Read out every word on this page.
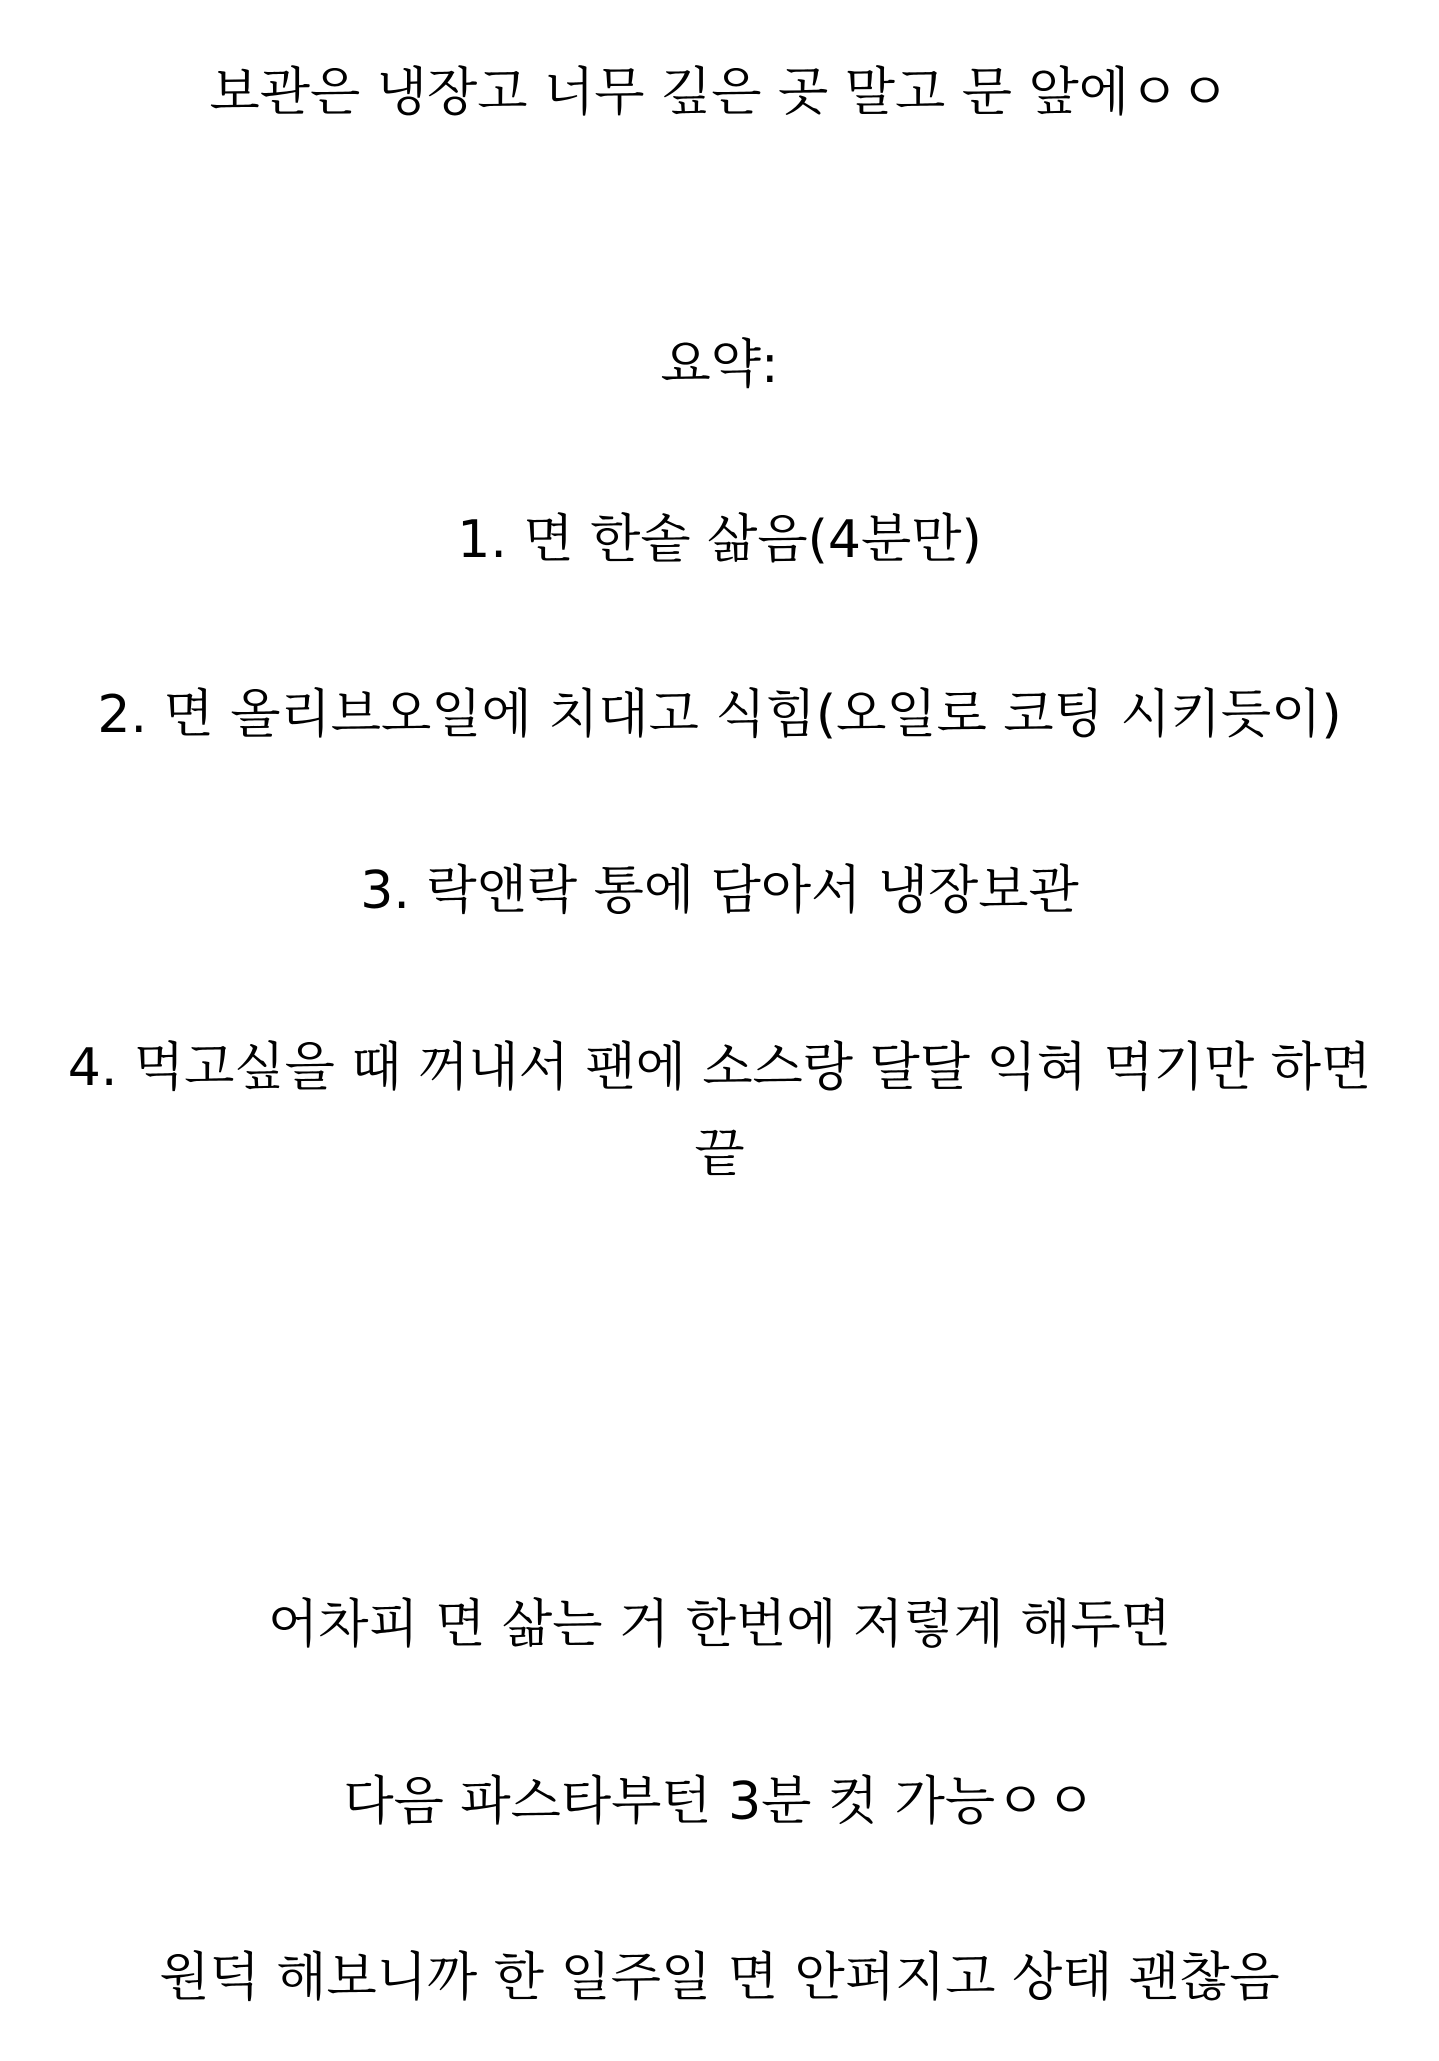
보관은 냉장고 너무 깊은 곳 말고 문 앞에ㅇㅇ
요약:
1. 면 한솥 삶음(4분만)
2. 면 올리브오일에 치대고 식힘(오일로 코팅 시키듯이)
3. 락앤락 통에 담아서 냉장보관
4. 먹고싶을 때 꺼내서 팬에 소스랑 달달 익혀 먹기만 하면 끝
어차피 면 삶는 거 한번에 저렇게 해두면
다음 파스타부턴 3분 컷 가능ㅇㅇ
원덕 해보니까 한 일주일 면 안퍼지고 상태 괜찮음
